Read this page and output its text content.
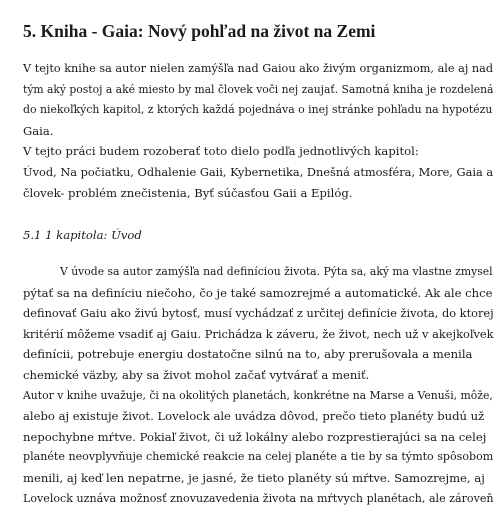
5. Kniha - Gaia: Nový pohľad na život na Zemi
V tejto knihe sa autor nielen zamýšľa nad Gaiou ako živým organizmom, ale aj nad
tým aký postoj a aké miesto by mal človek voči nej zaujať. Samotná kniha je rozdelená
do niekoľkých kapitol, z ktorých každá pojednáva o inej stránke pohľadu na hypotézu
Gaia.
V tejto práci budem rozoberať toto dielo podľa jednotlivých kapitol:
Úvod, Na počiatku, Odhalenie Gaii, Kybernetika, Dnešná atmosféra, More, Gaia a
človek- problém znečistenia, Byť súčasťou Gaii a Epilóg.
5.1 1 kapitola: Úvod
V úvode sa autor zamýšľa nad definíciou života. Pýta sa, aký ma vlastne zmysel
pýtať sa na definíciu niečoho, čo je také samozrejmé a automatické. Ak ale chce
definovať Gaiu ako živú bytosť, musí vychádzať z určitej definície života, do ktorej
kritérií môžeme vsadiť aj Gaiu. Prichádza k záveru, že život, nech už v akejkoľvek
definícii, potrebuje energiu dostatočne silnú na to, aby prerušovala a menila
chemické väzby, aby sa život mohol začať vytvárať a meniť.
Autor v knihe uvažuje, či na okolitých planetách, konkrétne na Marse a Venuši, môže,
alebo aj existuje život. Lovelock ale uvádza dôvod, prečo tieto planéty budú už
nepochybne mŕtve. Pokiaľ život, či už lokálny alebo rozprestierajúci sa na celej
planéte neovplyvňuje chemické reakcie na celej planéte a tie by sa týmto spôsobom
menili, aj keď len nepatrne, je jasné, že tieto planéty sú mŕtve. Samozrejme, aj
Lovelock uznáva možnosť znovuzavedenia života na mŕtvych planétach, ale zároveň
